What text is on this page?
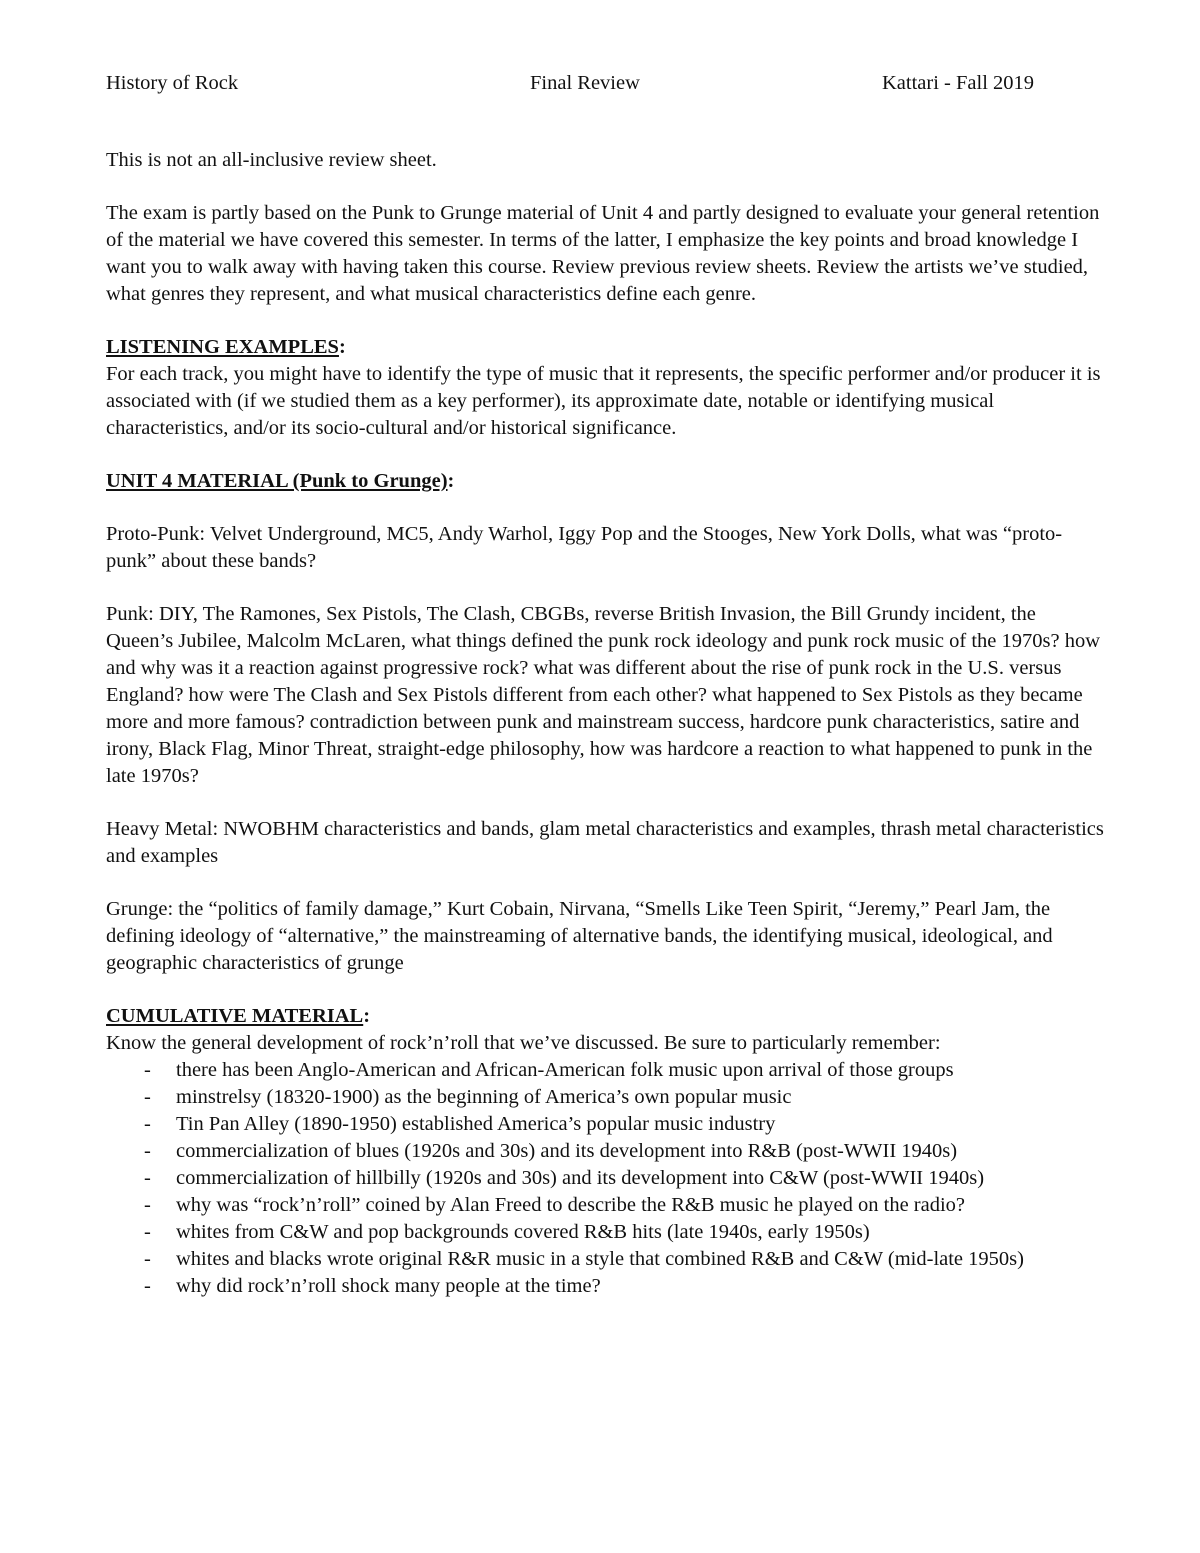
History of Rock	Final Review	Kattari - Fall 2019

This is not an all-inclusive review sheet.

The exam is partly based on the Punk to Grunge material of Unit 4 and partly designed to evaluate your general retention of the material we have covered this semester. In terms of the latter, I emphasize the key points and broad knowledge I want you to walk away with having taken this course. Review previous review sheets. Review the artists we’ve studied, what genres they represent, and what musical characteristics define each genre.

LISTENING EXAMPLES:

For each track, you might have to identify the type of music that it represents, the specific performer and/or producer it is associated with (if we studied them as a key performer), its approximate date, notable or identifying musical characteristics, and/or its socio-cultural and/or historical significance.

UNIT 4 MATERIAL (Punk to Grunge):

Proto-Punk: Velvet Underground, MC5, Andy Warhol, Iggy Pop and the Stooges, New York Dolls, what was “proto-punk” about these bands?

Punk: DIY, The Ramones, Sex Pistols, The Clash, CBGBs, reverse British Invasion, the Bill Grundy incident, the Queen’s Jubilee, Malcolm McLaren, what things defined the punk rock ideology and punk rock music of the 1970s? how and why was it a reaction against progressive rock? what was different about the rise of punk rock in the U.S. versus England? how were The Clash and Sex Pistols different from each other? what happened to Sex Pistols as they became more and more famous? contradiction between punk and mainstream success, hardcore punk characteristics, satire and irony, Black Flag, Minor Threat, straight-edge philosophy, how was hardcore a reaction to what happened to punk in the late 1970s?

Heavy Metal: NWOBHM characteristics and bands, glam metal characteristics and examples, thrash metal characteristics and examples

Grunge: the “politics of family damage,” Kurt Cobain, Nirvana, “Smells Like Teen Spirit, “Jeremy,” Pearl Jam, the defining ideology of “alternative,” the mainstreaming of alternative bands, the identifying musical, ideological, and geographic characteristics of grunge

CUMULATIVE MATERIAL:
Know the general development of rock’n’roll that we’ve discussed. Be sure to particularly remember:
- there has been Anglo-American and African-American folk music upon arrival of those groups
- minstrelsy (18320-1900) as the beginning of America’s own popular music
- Tin Pan Alley (1890-1950) established America’s popular music industry
- commercialization of blues (1920s and 30s) and its development into R&B (post-WWII 1940s)
- commercialization of hillbilly (1920s and 30s) and its development into C&W (post-WWII 1940s)
- why was “rock’n’roll” coined by Alan Freed to describe the R&B music he played on the radio?
- whites from C&W and pop backgrounds covered R&B hits (late 1940s, early 1950s)
- whites and blacks wrote original R&R music in a style that combined R&B and C&W (mid-late 1950s)
- why did rock’n’roll shock many people at the time?
